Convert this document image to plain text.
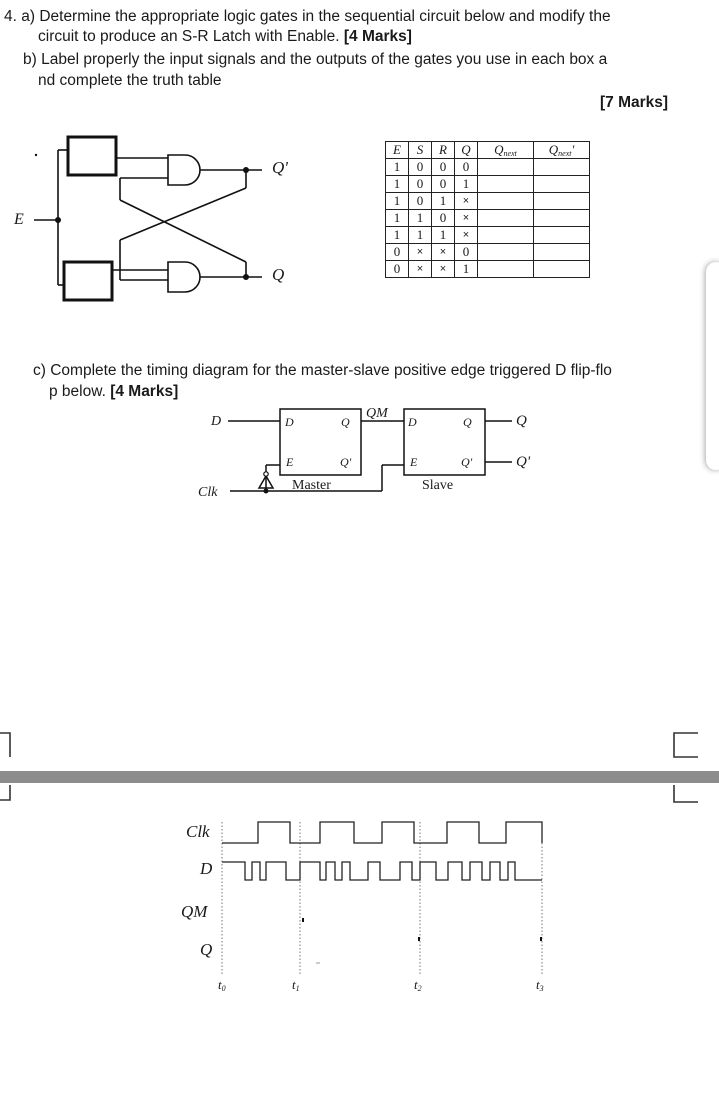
4. a) Determine the appropriate logic gates in the sequential circuit below and modify the
circuit to produce an S-R Latch with Enable. [4 Marks]
b) Label properly the input signals and the outputs of the gates you use in each box a
nd complete the truth table
[7 Marks]
E
Q'
Q
E	S	R	Q	$Q_{next}$	$Q_{next}'$
1	0	0	0		
1	0	0	1		
1	0	1	×		
1	1	0	×		
1	1	1	×		
0	×	×	0		
0	×	×	1		
c) Complete the timing diagram for the master-slave positive edge triggered D flip-flo
p below. [4 Marks]
D
Clk
QM
D	Q
E	Q'
Master
D	Q
E	Q'
Slave
Q
Q'
Clk
D
QM
Q
$t_0$	$t_1$	$t_2$	$t_3$
